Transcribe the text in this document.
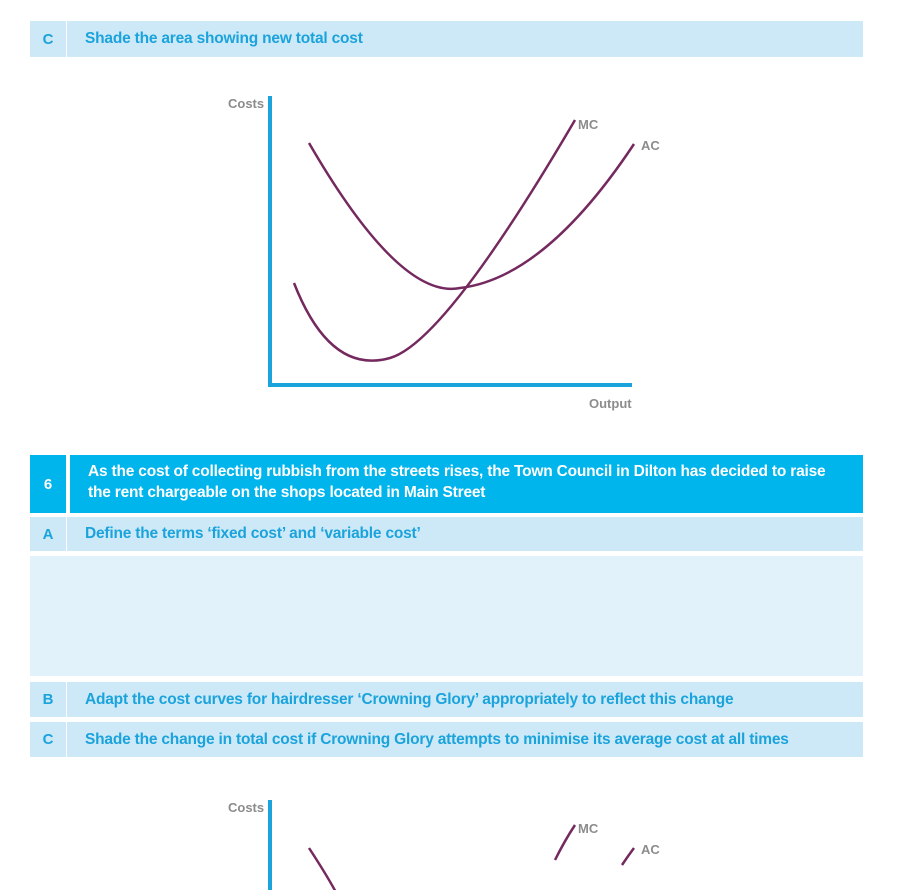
C	Shade the area showing new total cost
Costs
Output
MC
AC
6
As the cost of collecting rubbish from the streets rises, the Town Council in Dilton has decided to raise
the rent chargeable on the shops located in Main Street
A	Define the terms ‘fixed cost’ and ‘variable cost’
B	Adapt the cost curves for hairdresser ‘Crowning Glory’ appropriately to reflect this change
C	Shade the change in total cost if Crowning Glory attempts to minimise its average cost at all times
Costs
MC
AC
